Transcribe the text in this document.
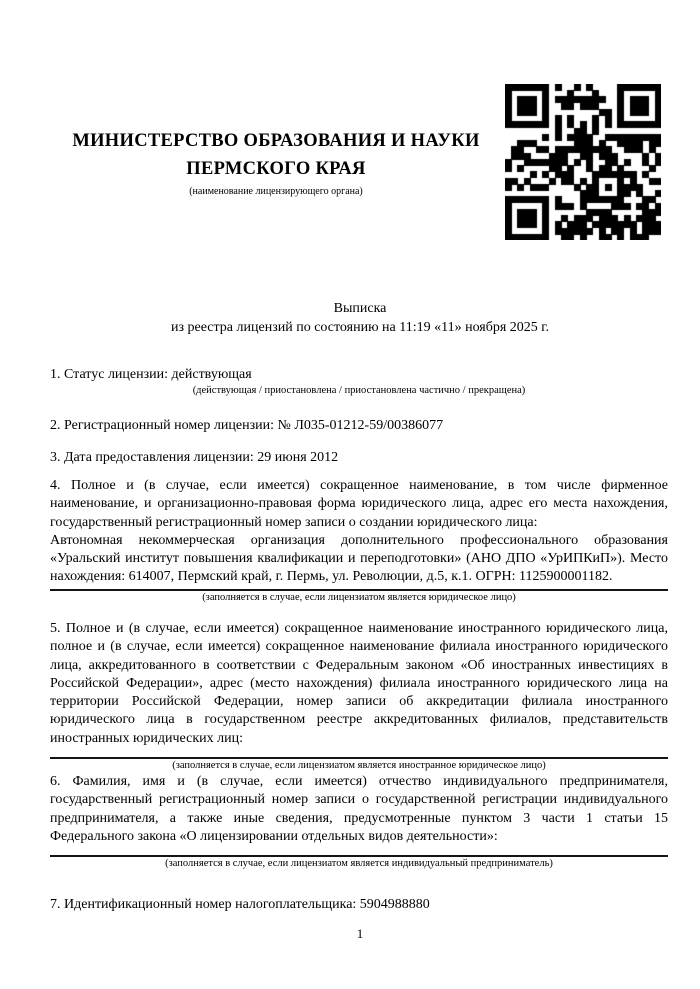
МИНИСТЕРСТВО ОБРАЗОВАНИЯ И НАУКИ

ПЕРМСКОГО КРАЯ

(наименование лицензирующего органа)

Выписка

из реестра лицензий по состоянию на 11:19 «11» ноября 2025 г.

1. Статус лицензии: действующая

(действующая / приостановлена / приостановлена частично / прекращена)

2. Регистрационный номер лицензии: № Л035-01212-59/00386077

3. Дата предоставления лицензии: 29 июня 2012

4. Полное и (в случае, если имеется) сокращенное наименование, в том числе фирменное наименование, и организационно-правовая форма юридического лица, адрес его места нахождения, государственный регистрационный номер записи о создании юридического лица:

Автономная некоммерческая организация дополнительного профессионального образования «Уральский институт повышения квалификации и переподготовки» (АНО ДПО «УрИПКиП»). Место нахождения: 614007, Пермский край, г. Пермь, ул. Революции, д.5, к.1. ОГРН: 1125900001182.

(заполняется в случае, если лицензиатом является юридическое лицо)

5. Полное и (в случае, если имеется) сокращенное наименование иностранного юридического лица, полное и (в случае, если имеется) сокращенное наименование филиала иностранного юридического лица, аккредитованного в соответствии с Федеральным законом «Об иностранных инвестициях в Российской Федерации», адрес (место нахождения) филиала иностранного юридического лица на территории Российской Федерации, номер записи об аккредитации филиала иностранного юридического лица в государственном реестре аккредитованных филиалов, представительств иностранных юридических лиц:

(заполняется в случае, если лицензиатом является иностранное юридическое лицо)

6. Фамилия, имя и (в случае, если имеется) отчество индивидуального предпринимателя, государственный регистрационный номер записи о государственной регистрации индивидуального предпринимателя, а также иные сведения, предусмотренные пунктом 3 части 1 статьи 15 Федерального закона «О лицензировании отдельных видов деятельности»:

(заполняется в случае, если лицензиатом является индивидуальный предприниматель)

7. Идентификационный номер налогоплательщика: 5904988880

1
